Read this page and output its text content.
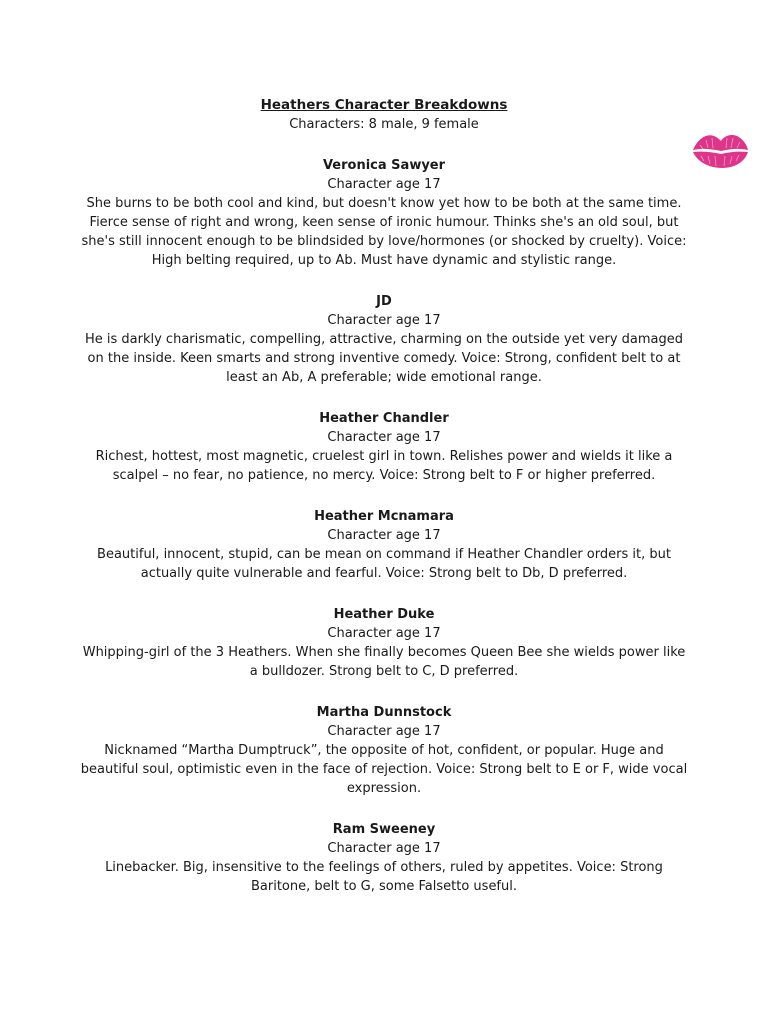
Heathers Character Breakdowns

Characters: 8 male, 9 female

Veronica Sawyer

Character age 17

She burns to be both cool and kind, but doesn't know yet how to be both at the same time. Fierce sense of right and wrong, keen sense of ironic humour. Thinks she's an old soul, but she's still innocent enough to be blindsided by love/hormones (or shocked by cruelty). Voice: High belting required, up to Ab. Must have dynamic and stylistic range.

JD

Character age 17

He is darkly charismatic, compelling, attractive, charming on the outside yet very damaged on the inside. Keen smarts and strong inventive comedy. Voice: Strong, confident belt to at least an Ab, A preferable; wide emotional range.

Heather Chandler

Character age 17

Richest, hottest, most magnetic, cruelest girl in town. Relishes power and wields it like a scalpel – no fear, no patience, no mercy. Voice: Strong belt to F or higher preferred.

Heather Mcnamara

Character age 17

Beautiful, innocent, stupid, can be mean on command if Heather Chandler orders it, but actually quite vulnerable and fearful. Voice: Strong belt to Db, D preferred.

Heather Duke

Character age 17

Whipping-girl of the 3 Heathers. When she finally becomes Queen Bee she wields power like a bulldozer. Strong belt to C, D preferred.

Martha Dunnstock

Character age 17

Nicknamed “Martha Dumptruck”, the opposite of hot, confident, or popular. Huge and beautiful soul, optimistic even in the face of rejection. Voice: Strong belt to E or F, wide vocal expression.

Ram Sweeney

Character age 17

Linebacker. Big, insensitive to the feelings of others, ruled by appetites. Voice: Strong Baritone, belt to G, some Falsetto useful.
